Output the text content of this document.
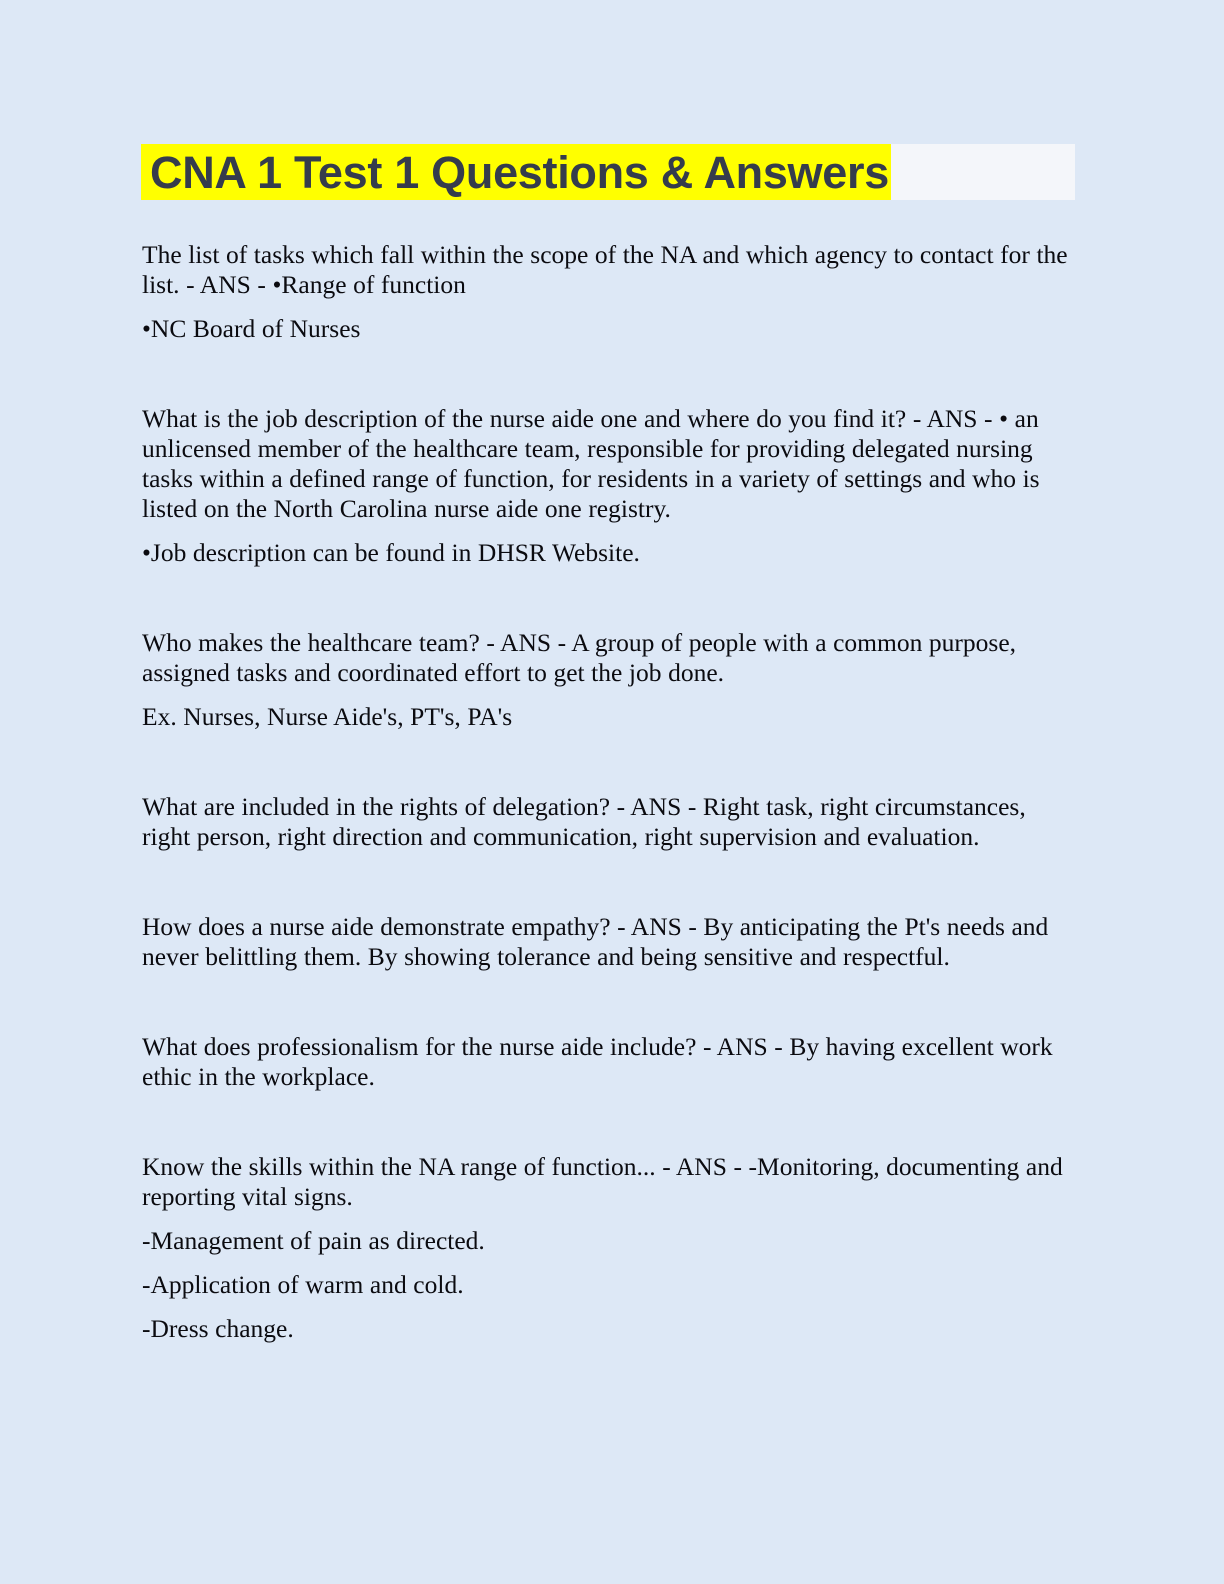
CNA 1 Test 1 Questions & Answers

The list of tasks which fall within the scope of the NA and which agency to contact for the list. - ANS - •Range of function

•NC Board of Nurses

What is the job description of the nurse aide one and where do you find it? - ANS - • an unlicensed member of the healthcare team, responsible for providing delegated nursing tasks within a defined range of function, for residents in a variety of settings and who is listed on the North Carolina nurse aide one registry.

•Job description can be found in DHSR Website.

Who makes the healthcare team? - ANS - A group of people with a common purpose, assigned tasks and coordinated effort to get the job done.

Ex. Nurses, Nurse Aide's, PT's, PA's

What are included in the rights of delegation? - ANS - Right task, right circumstances, right person, right direction and communication, right supervision and evaluation.

How does a nurse aide demonstrate empathy? - ANS - By anticipating the Pt's needs and never belittling them. By showing tolerance and being sensitive and respectful.

What does professionalism for the nurse aide include? - ANS - By having excellent work ethic in the workplace.

Know the skills within the NA range of function... - ANS - -Monitoring, documenting and reporting vital signs.

-Management of pain as directed.

-Application of warm and cold.

-Dress change.
